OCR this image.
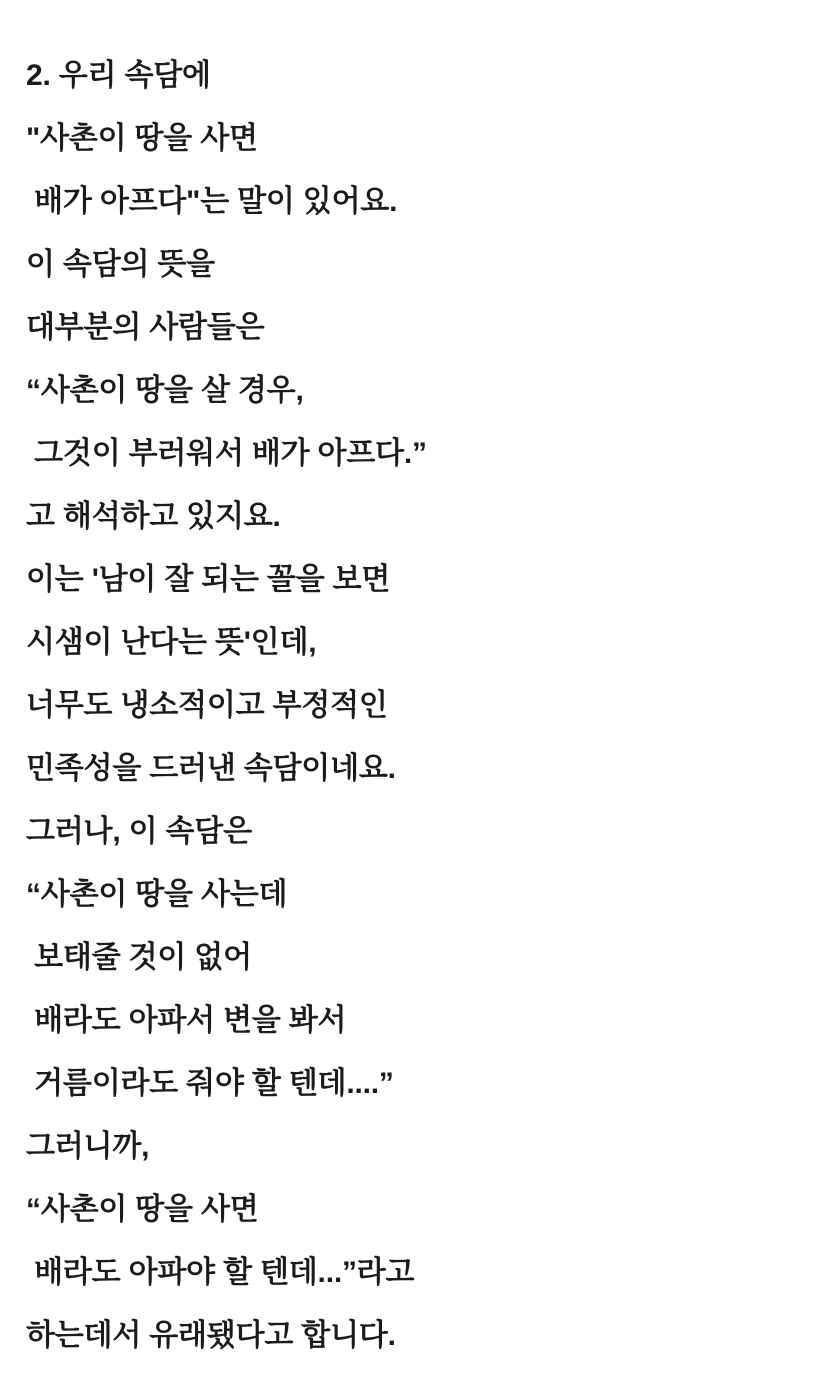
2. 우리 속담에
"사촌이 땅을 사면
배가 아프다"는 말이 있어요.
이 속담의 뜻을
대부분의 사람들은
“사촌이 땅을 살 경우,
그것이 부러워서 배가 아프다.”
고 해석하고 있지요.
이는 '남이 잘 되는 꼴을 보면
시샘이 난다는 뜻'인데,
너무도 냉소적이고 부정적인
민족성을 드러낸 속담이네요.
그러나, 이 속담은
“사촌이 땅을 사는데
보태줄 것이 없어
배라도 아파서 변을 봐서
거름이라도 줘야 할 텐데....”
그러니까,
“사촌이 땅을 사면
배라도 아파야 할 텐데...”라고
하는데서 유래됐다고 합니다.
